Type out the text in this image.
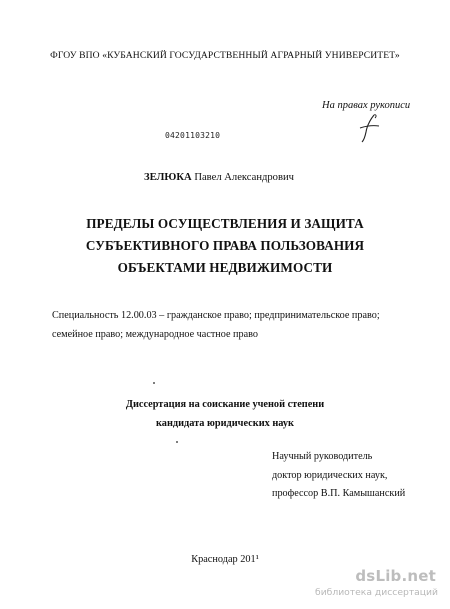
ФГОУ ВПО «КУБАНСКИЙ ГОСУДАРСТВЕННЫЙ АГРАРНЫЙ УНИВЕРСИТЕТ»
На правах рукописи
04201103210
ЗЕЛЮКА Павел Александрович
ПРЕДЕЛЫ ОСУЩЕСТВЛЕНИЯ И ЗАЩИТА
СУБЪЕКТИВНОГО ПРАВА ПОЛЬЗОВАНИЯ
ОБЪЕКТАМИ НЕДВИЖИМОСТИ
Специальность 12.00.03 – гражданское право; предпринимательское право;
семейное право; международное частное право
Диссертация на соискание ученой степени
кандидата юридических наук
Научный руководитель
доктор юридических наук,
профессор В.П. Камышанский
Краснодар 201¹
dsLib.net
библиотека диссертаций
